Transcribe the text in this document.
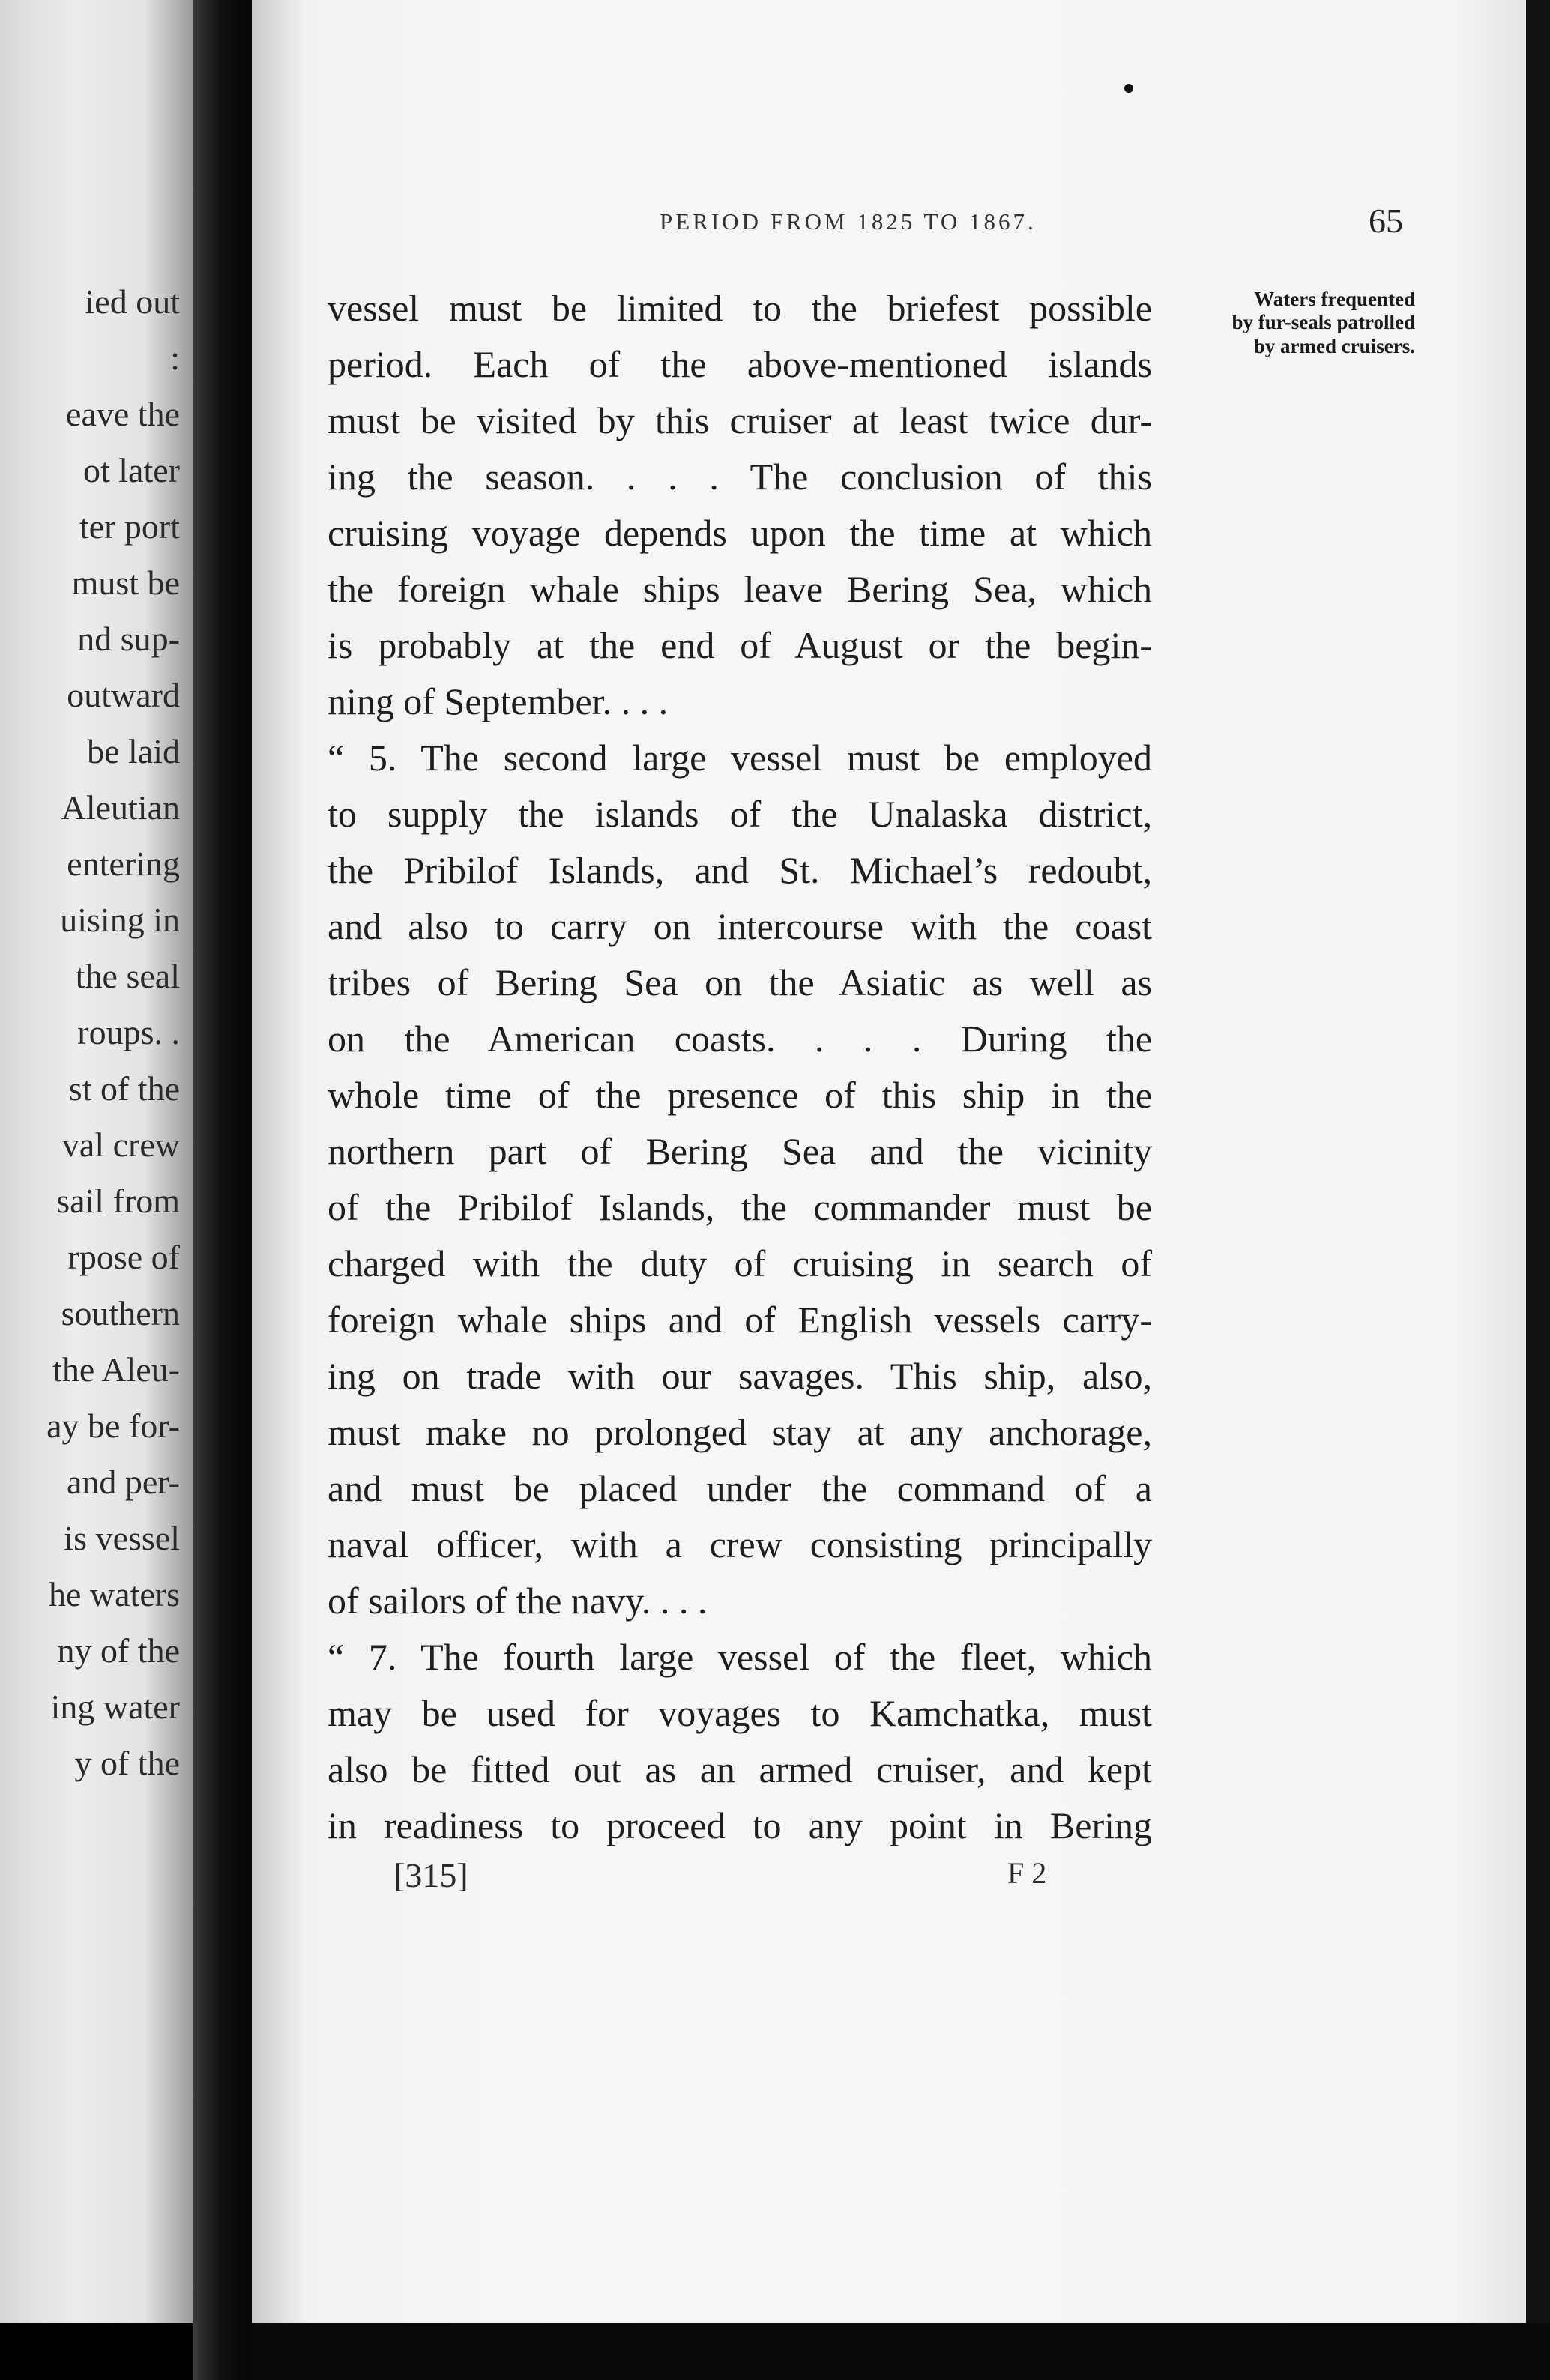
ied out
:
eave the
ot later
ter port
must be
nd sup-
outward
be laid
Aleutian
entering
uising in
the seal
roups. .
st of the
val crew
sail from
rpose of
southern
the Aleu-
ay be for-
and per-
is vessel
he waters
ny of the
ing water
y of the
PERIOD FROM 1825 TO 1867.	65
Waters frequented
by fur-seals patrolled
by armed cruisers.
vessel must be limited to the briefest possible
period. Each of the above-mentioned islands
must be visited by this cruiser at least twice dur-
ing the season. . . . The conclusion of this
cruising voyage depends upon the time at which
the foreign whale ships leave Bering Sea, which
is probably at the end of August or the begin-
ning of September. . . .
“ 5. The second large vessel must be employed
to supply the islands of the Unalaska district,
the Pribilof Islands, and St. Michael’s redoubt,
and also to carry on intercourse with the coast
tribes of Bering Sea on the Asiatic as well as
on the American coasts. . . . During the
whole time of the presence of this ship in the
northern part of Bering Sea and the vicinity
of the Pribilof Islands, the commander must be
charged with the duty of cruising in search of
foreign whale ships and of English vessels carry-
ing on trade with our savages. This ship, also,
must make no prolonged stay at any anchorage,
and must be placed under the command of a
naval officer, with a crew consisting principally
of sailors of the navy. . . .
“ 7. The fourth large vessel of the fleet, which
may be used for voyages to Kamchatka, must
also be fitted out as an armed cruiser, and kept
in readiness to proceed to any point in Bering
[315]	F 2
